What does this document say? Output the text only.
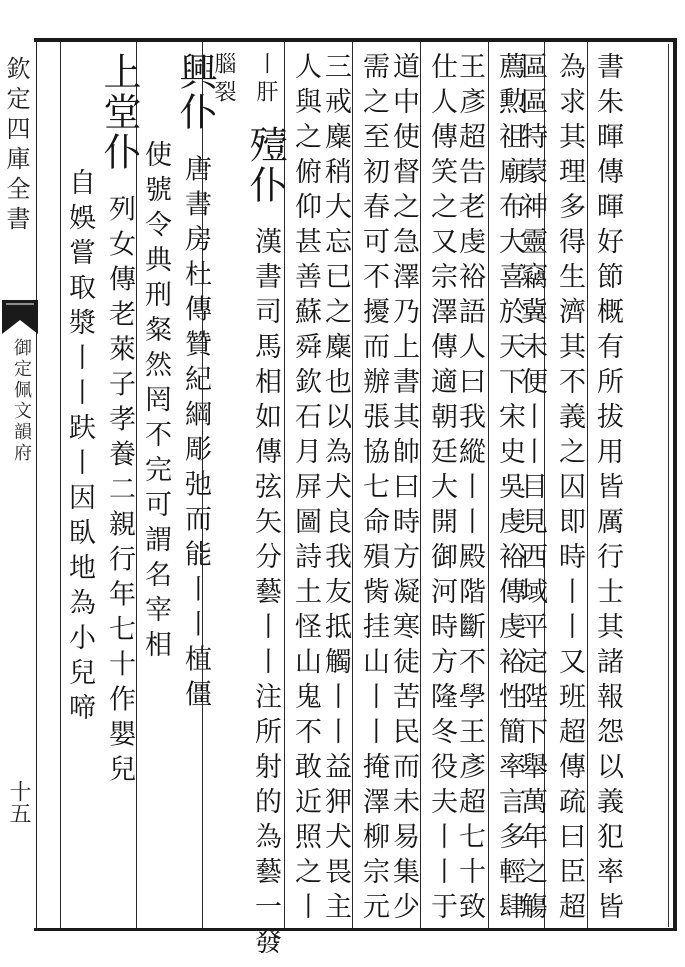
欽定四庫全書
御定佩文韻府
十五	書朱暉傳暉好節概有所拔用皆厲行士其諸報怨以義犯率皆
為求其理多得生濟其不義之囚即時丨丨又班超傳疏曰臣超
區區特蒙神靈竊冀未便丨丨目見西域平定陛下舉萬年之觴
薦勲祖廟布大喜於天下宋史吳虔裕傳虔裕性簡率言多輕肆
王彥超告老虔裕語人曰我縱丨丨殿階斷不學王彥超七十致
仕人傳笑之又宗澤傳適朝廷大開御河時方隆冬役夫丨丨于
道中使督之急澤乃上書其帥曰時方凝寒徒苦民而未易集少
需之至初春可不擾而辦張協七命殞胔挂山丨丨掩澤柳宗元
三戒麋稍大忘已之麋也以為犬良我友抵觸丨丨益狎犬畏主
人與之俯仰甚善蘇舜欽石月屏圖詩土怪山鬼不敢近照之丨
丨肝 殪仆 漢書司馬相如傳弦矢分藝丨丨注所射的為藝一發
腦裂
興仆 唐書房杜傳贊紀綱彫弛而能丨丨植僵
使號令典刑粲然罔不完可謂名宰相
上堂仆 列女傳老萊子孝養二親行年七十作嬰兒
自娛嘗取漿丨丨趺丨因臥地為小兒啼
